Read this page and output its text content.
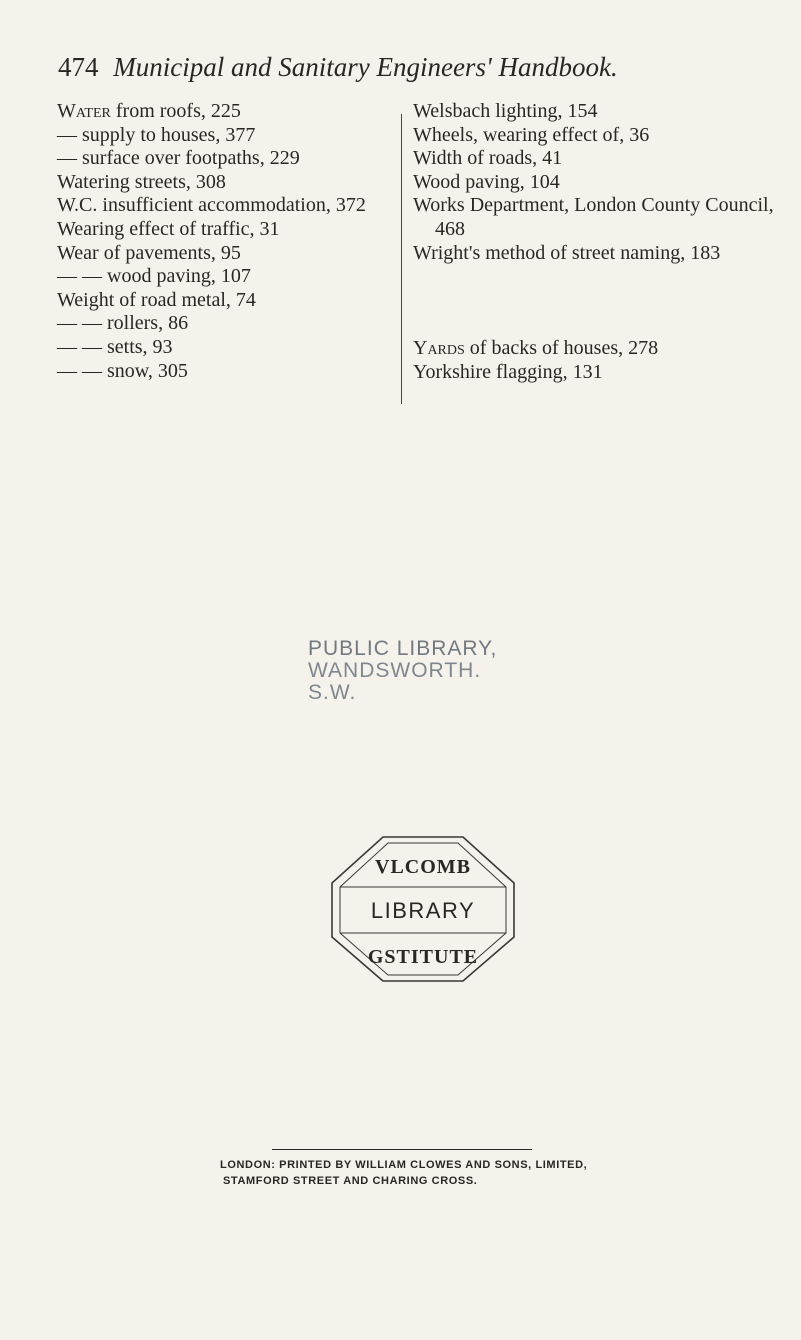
474 Municipal and Sanitary Engineers' Handbook.
Water from roofs, 225
— supply to houses, 377
— surface over footpaths, 229
Watering streets, 308
W.C. insufficient accommodation, 372
Wearing effect of traffic, 31
Wear of pavements, 95
— — wood paving, 107
Weight of road metal, 74
— — rollers, 86
— — setts, 93
— — snow, 305
Welsbach lighting, 154
Wheels, wearing effect of, 36
Width of roads, 41
Wood paving, 104
Works Department, London County Council, 468
Wright's method of street naming, 183
Yards of backs of houses, 278
Yorkshire flagging, 131
PUBLIC LIBRARY,
WANDSWORTH. S.W.
VLCOMB
LIBRARY
GSTITUTE
LONDON: PRINTED BY WILLIAM CLOWES AND SONS, LIMITED,
STAMFORD STREET AND CHARING CROSS.
